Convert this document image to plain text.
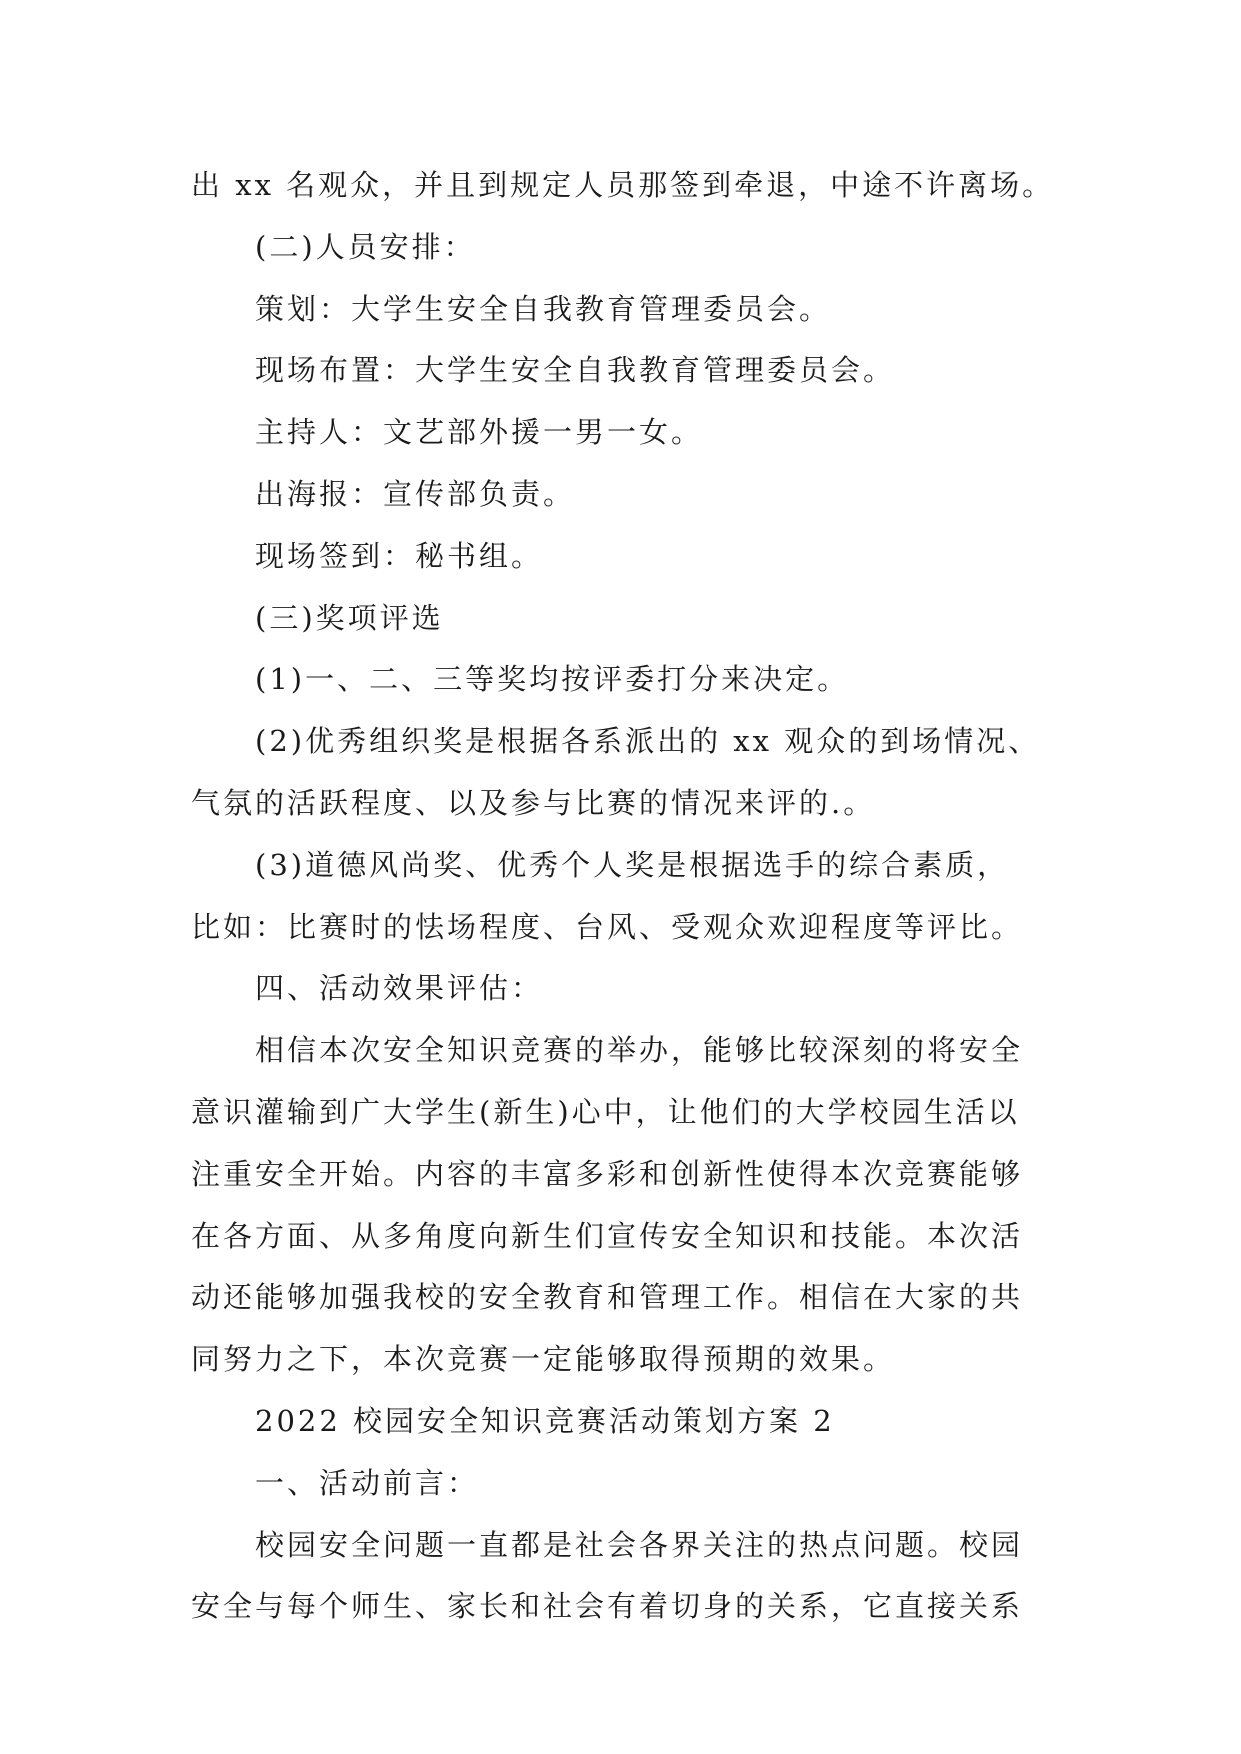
出 xx 名观众，并且到规定人员那签到牵退，中途不许离场。
(二)人员安排：
策划：大学生安全自我教育管理委员会。
现场布置：大学生安全自我教育管理委员会。
主持人：文艺部外援一男一女。
出海报：宣传部负责。
现场签到：秘书组。
(三)奖项评选
(1)一、二、三等奖均按评委打分来决定。
(2)优秀组织奖是根据各系派出的 xx 观众的到场情况、
气氛的活跃程度、以及参与比赛的情况来评的.。
(3)道德风尚奖、优秀个人奖是根据选手的综合素质，
比如：比赛时的怯场程度、台风、受观众欢迎程度等评比。
四、活动效果评估：
相信本次安全知识竞赛的举办，能够比较深刻的将安全
意识灌输到广大学生(新生)心中，让他们的大学校园生活以
注重安全开始。内容的丰富多彩和创新性使得本次竞赛能够
在各方面、从多角度向新生们宣传安全知识和技能。本次活
动还能够加强我校的安全教育和管理工作。相信在大家的共
同努力之下，本次竞赛一定能够取得预期的效果。
2022 校园安全知识竞赛活动策划方案 2
一、活动前言：
校园安全问题一直都是社会各界关注的热点问题。校园
安全与每个师生、家长和社会有着切身的关系，它直接关系
